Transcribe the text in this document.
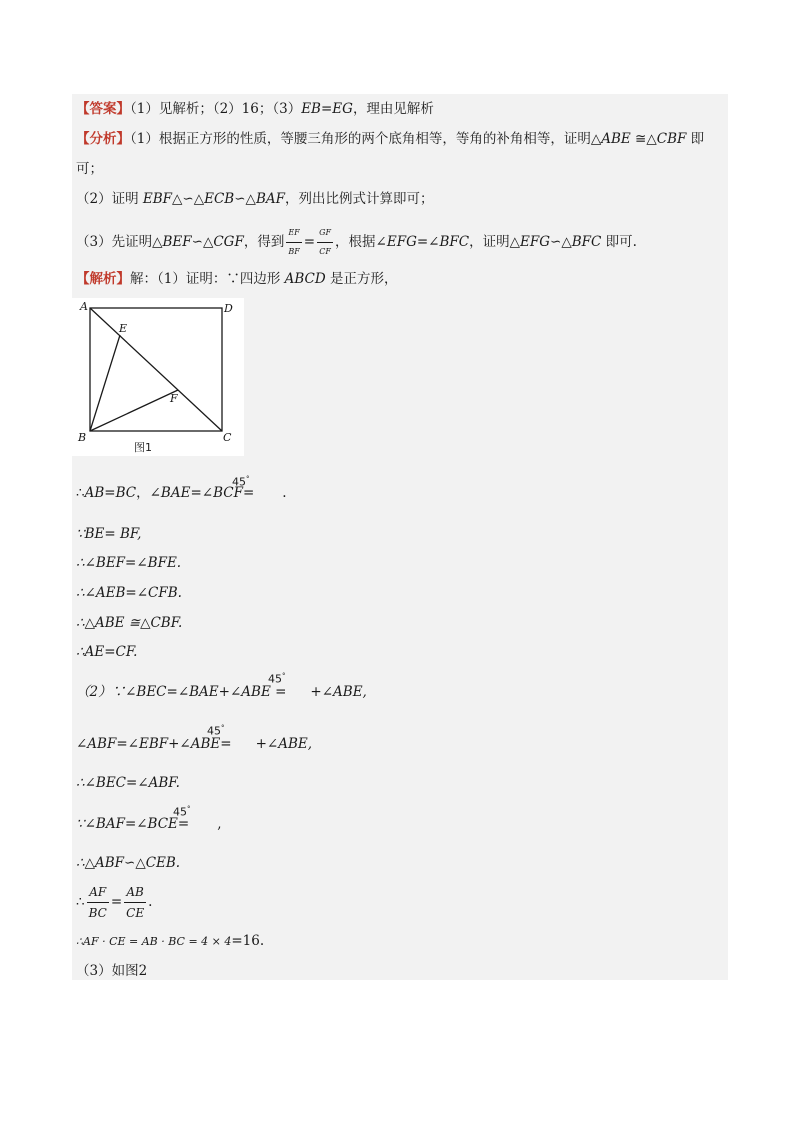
【答案】（1）见解析；（2）16；（3）EB=EG，理由见解析
【分析】（1）根据正方形的性质，等腰三角形的两个底角相等，等角的补角相等，证明△ABE ≅△CBF 即
可；
（2）证明 EBF△∽△ECB∽△BAF，列出比例式计算即可；
（3）先证明△BEF∽△CGF，得到 $\frac{EF}{BF} = \frac{GF}{CF}$ ，根据∠EFG=∠BFC，证明△EFG∽△BFC 即可.
【解析】解：（1）证明：∵四边形 ABCD 是正方形，
A	D
E
F
B	C
图1
∴AB=BC，∠BAE=∠BCF= .
45°
∵BE= BF,
∴∠BEF=∠BFE.
∴∠AEB=∠CFB.
∴△ABE ≅△CBF.
∴AE=CF.
（2）∵∠BEC=∠BAE+∠ABE = +∠ABE,
45°
∠ABF=∠EBF+∠ABE= +∠ABE,
45°
∴∠BEC=∠ABF.
∵∠BAF=∠BCE= ,
45°
∴△ABF∽△CEB.
∴ $\frac{AF}{BC} = \frac{AB}{CE}$ .
∴AF · CE = AB · BC = 4 × 4=16.
（3）如图2
